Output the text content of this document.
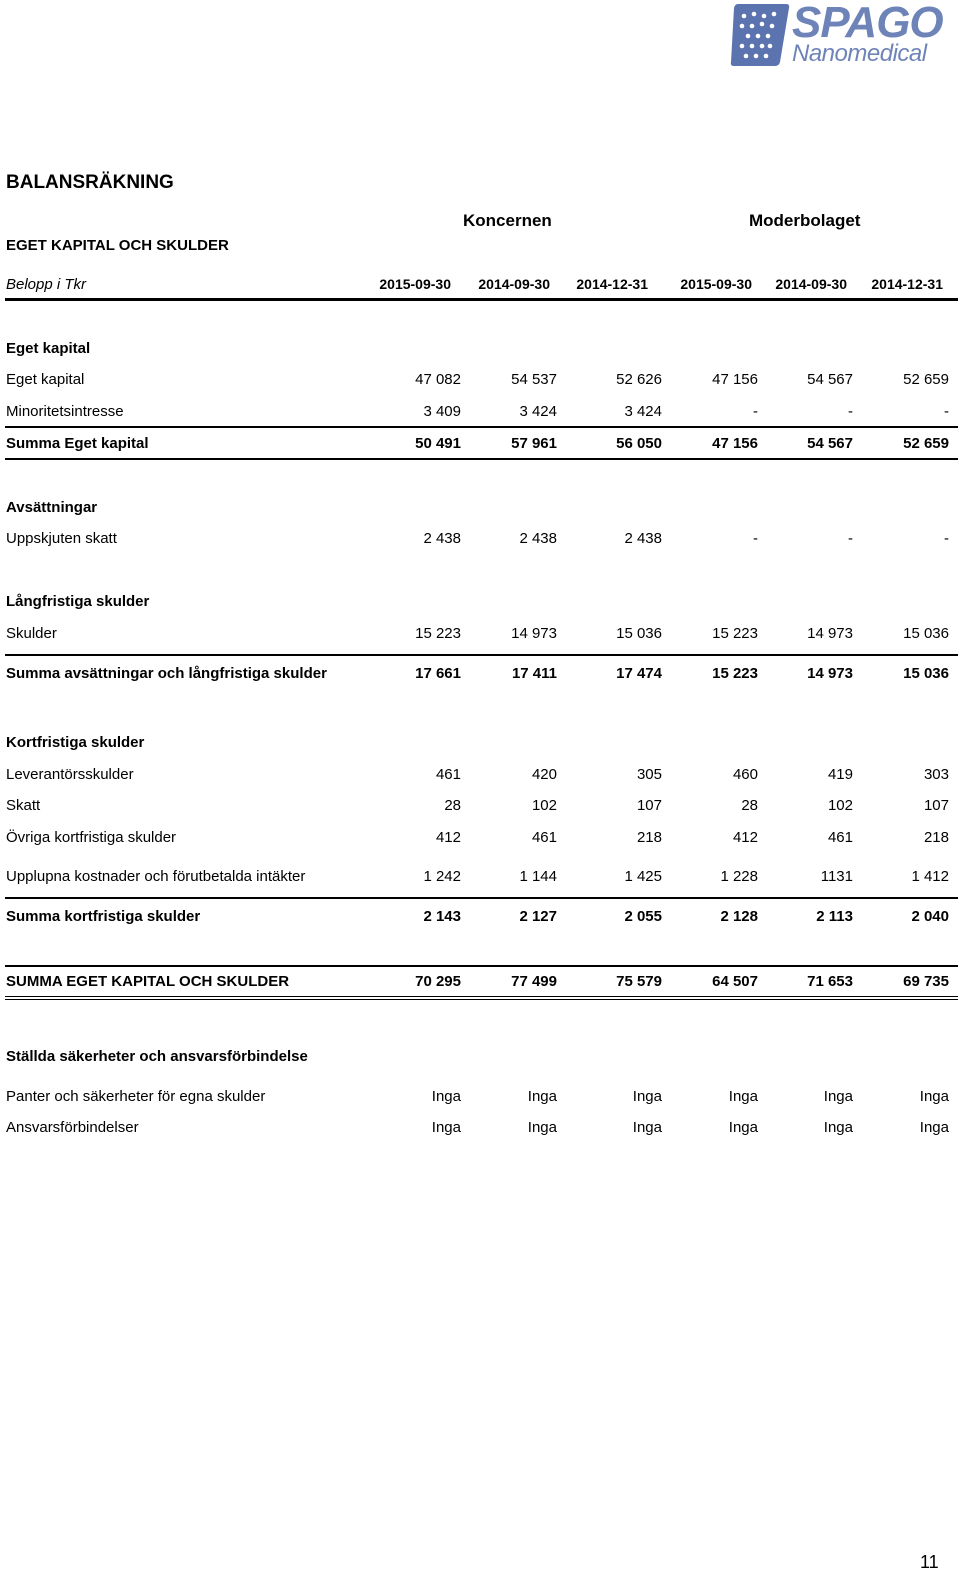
SPAGO
Nanomedical
BALANSRÄKNING
Koncernen	Moderbolaget
EGET KAPITAL OCH SKULDER
Belopp i Tkr	2015-09-30	2014-09-30	2014-12-31	2015-09-30	2014-09-30	2014-12-31
Eget kapital
Eget kapital	47 082	54 537	52 626	47 156	54 567	52 659
Minoritetsintresse	3 409	3 424	3 424	-	-	-
Summa Eget kapital	50 491	57 961	56 050	47 156	54 567	52 659
Avsättningar
Uppskjuten skatt	2 438	2 438	2 438	-	-	-
Långfristiga skulder
Skulder	15 223	14 973	15 036	15 223	14 973	15 036
Summa avsättningar och långfristiga skulder	17 661	17 411	17 474	15 223	14 973	15 036
Kortfristiga skulder
Leverantörsskulder	461	420	305	460	419	303
Skatt	28	102	107	28	102	107
Övriga kortfristiga skulder	412	461	218	412	461	218
Upplupna kostnader och förutbetalda intäkter	1 242	1 144	1 425	1 228	1131	1 412
Summa kortfristiga skulder	2 143	2 127	2 055	2 128	2 113	2 040
SUMMA EGET KAPITAL OCH SKULDER	70 295	77 499	75 579	64 507	71 653	69 735
Ställda säkerheter och ansvarsförbindelse
Panter och säkerheter för egna skulder	Inga	Inga	Inga	Inga	Inga	Inga
Ansvarsförbindelser	Inga	Inga	Inga	Inga	Inga	Inga
11
